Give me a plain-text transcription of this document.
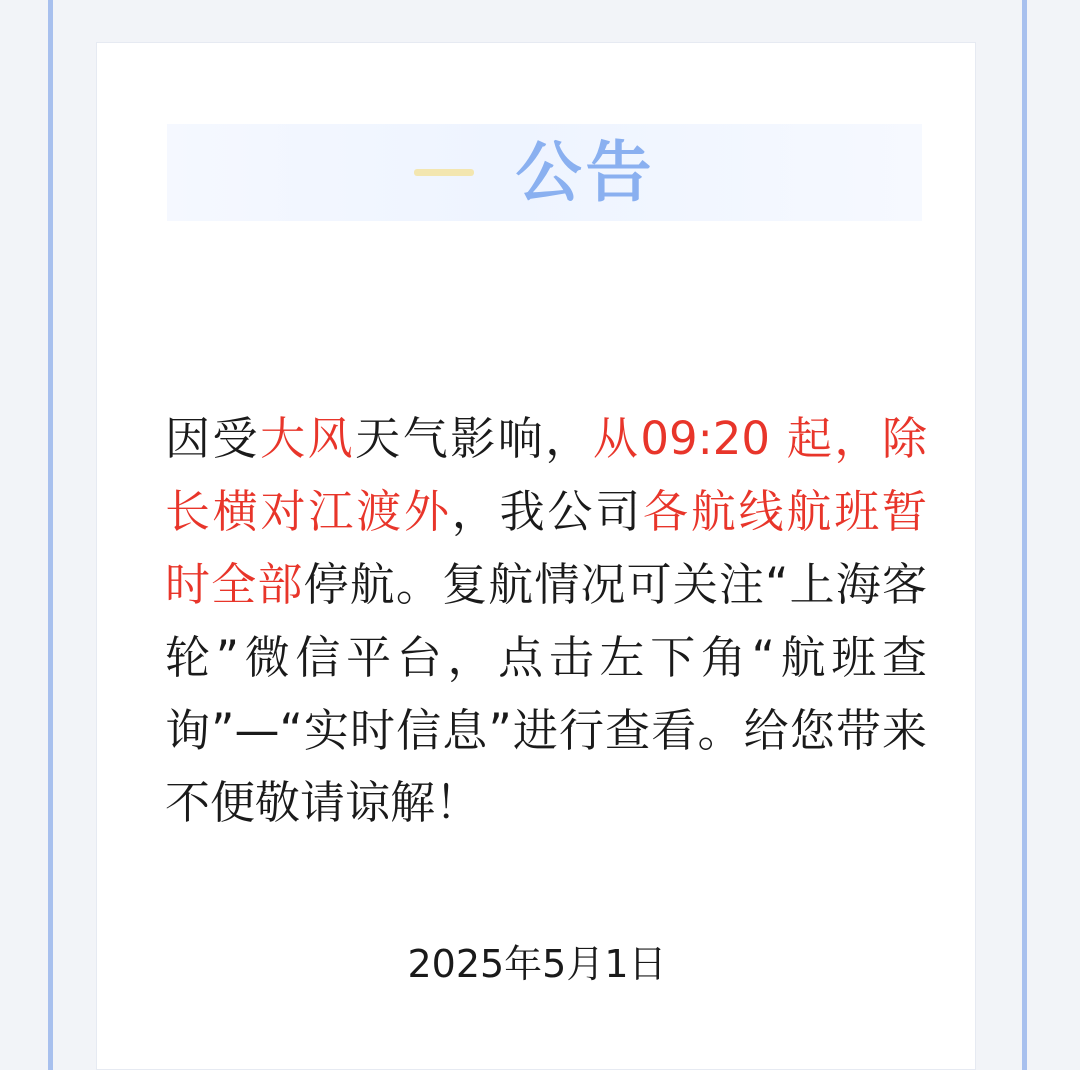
公告
因受大风天气影响，从09:20 起，除长横对江渡外，我公司各航线航班暂时全部停航。复航情况可关注“上海客轮”微信平台，点击左下角“航班查询”—“实时信息”进行查看。给您带来不便敬请谅解！
2025年5月1日
